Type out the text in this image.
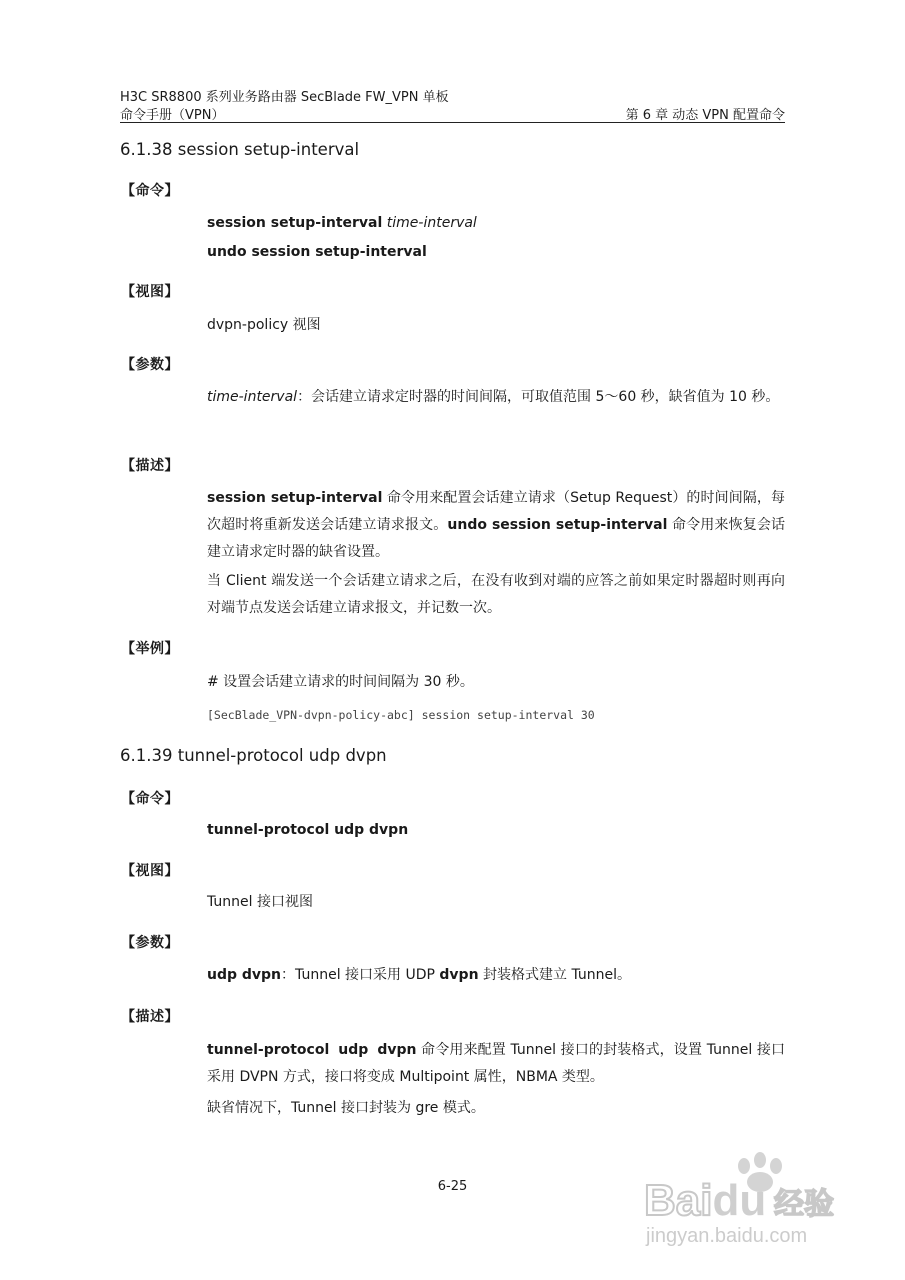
H3C SR8800 系列业务路由器 SecBlade FW_VPN 单板
命令手册（VPN）	第 6 章 动态 VPN 配置命令
6.1.38 session setup-interval
【命令】
session setup-interval time-interval
undo session setup-interval
【视图】
dvpn-policy 视图
【参数】
time-interval：会话建立请求定时器的时间间隔，可取值范围 5～60 秒，缺省值为 10 秒。
【描述】
session setup-interval 命令用来配置会话建立请求（Setup Request）的时间间隔，每次超时将重新发送会话建立请求报文。undo session setup-interval 命令用来恢复会话建立请求定时器的缺省设置。
当 Client 端发送一个会话建立请求之后，在没有收到对端的应答之前如果定时器超时则再向对端节点发送会话建立请求报文，并记数一次。
【举例】
# 设置会话建立请求的时间间隔为 30 秒。
[SecBlade_VPN-dvpn-policy-abc] session setup-interval 30
6.1.39 tunnel-protocol udp dvpn
【命令】
tunnel-protocol udp dvpn
【视图】
Tunnel 接口视图
【参数】
udp dvpn：Tunnel 接口采用 UDP dvpn 封装格式建立 Tunnel。
【描述】
tunnel-protocol udp dvpn 命令用来配置 Tunnel 接口的封装格式，设置 Tunnel 接口采用 DVPN 方式，接口将变成 Multipoint 属性，NBMA 类型。
缺省情况下，Tunnel 接口封装为 gre 模式。
6-25	Baidu 经验
jingyan.baidu.com
